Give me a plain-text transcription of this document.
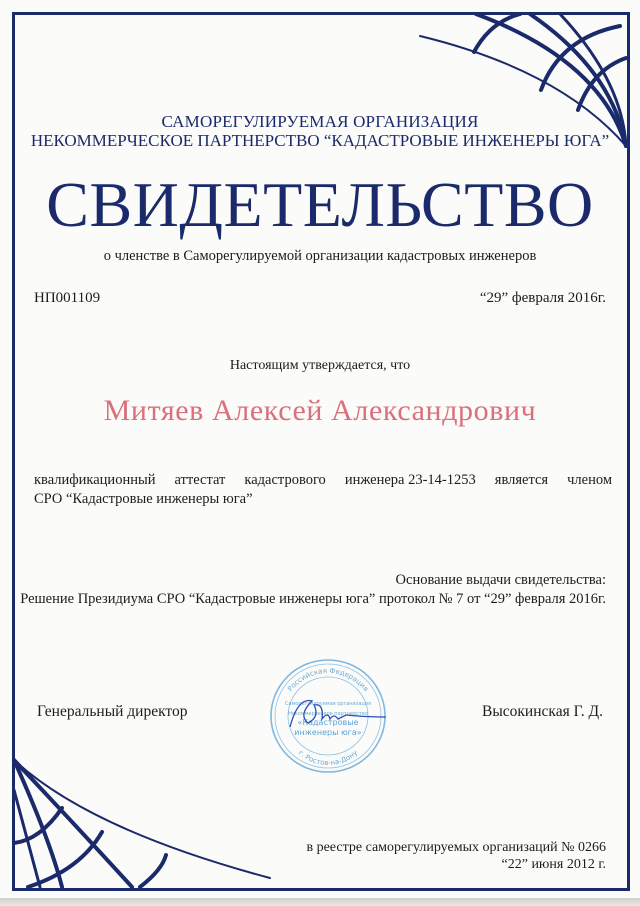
САМОРЕГУЛИРУЕМАЯ ОРГАНИЗАЦИЯ
НЕКОММЕРЧЕСКОЕ ПАРТНЕРСТВО “КАДАСТРОВЫЕ ИНЖЕНЕРЫ ЮГА”
СВИДЕТЕЛЬСТВО
о членстве в Саморегулируемой организации кадастровых инженеров
НП001109	“29” февраля 2016г.
Настоящим утверждается, что
Митяев Алексей Александрович
квалификационный аттестат кадастрового инженера 23-14-1253 является членом
СРО “Кадастровые инженеры юга”
Основание выдачи свидетельства:
Решение Президиума СРО “Кадастровые инженеры юга” протокол № 7 от “29” февраля 2016г.
Генеральный директор	Высокинская Г. Д.
Российская Федерация
г. Ростов-на-Дону
Саморегулируемая организация
Некоммерческое партнерство
«Кадастровые
инженеры юга»
в реестре саморегулируемых организаций № 0266
“22” июня 2012 г.
